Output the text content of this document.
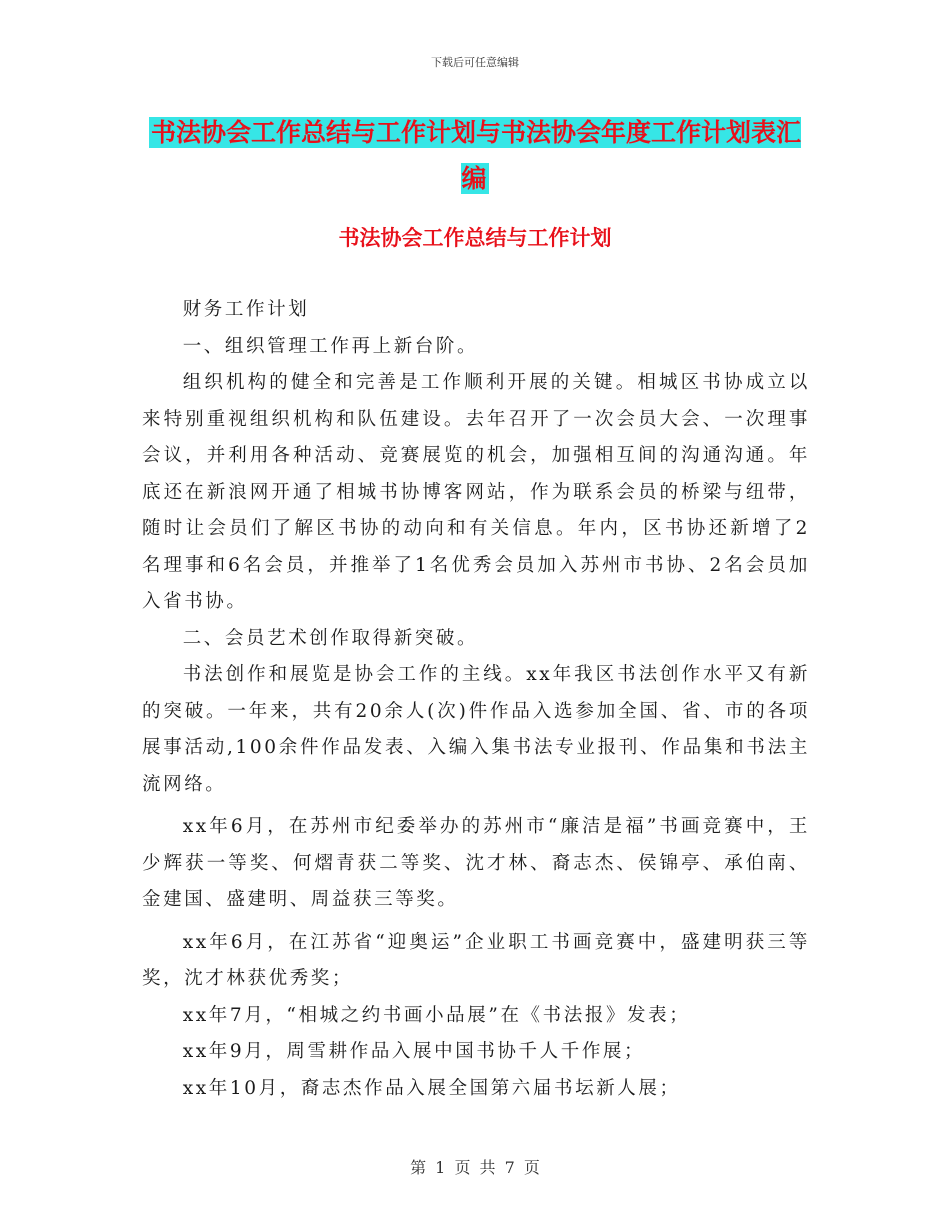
下载后可任意编辑
书法协会工作总结与工作计划与书法协会年度工作计划表汇编
书法协会工作总结与工作计划

财务工作计划

一、组织管理工作再上新台阶。

组织机构的健全和完善是工作顺利开展的关键。相城区书协成立以来特别重视组织机构和队伍建设。去年召开了一次会员大会、一次理事会议，并利用各种活动、竞赛展览的机会，加强相互间的沟通沟通。年底还在新浪网开通了相城书协博客网站，作为联系会员的桥梁与纽带，随时让会员们了解区书协的动向和有关信息。年内，区书协还新增了2名理事和6名会员，并推举了1名优秀会员加入苏州市书协、2名会员加入省书协。

二、会员艺术创作取得新突破。

书法创作和展览是协会工作的主线。xx年我区书法创作水平又有新的突破。一年来，共有20余人(次)件作品入选参加全国、省、市的各项展事活动,100余件作品发表、入编入集书法专业报刊、作品集和书法主流网络。

xx年6月，在苏州市纪委举办的苏州市“廉洁是福”书画竞赛中，王少辉获一等奖、何熠青获二等奖、沈才林、裔志杰、侯锦亭、承伯南、金建国、盛建明、周益获三等奖。

xx年6月，在江苏省“迎奥运”企业职工书画竞赛中，盛建明获三等奖，沈才林获优秀奖；

xx年7月，“相城之约书画小品展”在《书法报》发表；

xx年9月，周雪耕作品入展中国书协千人千作展；

xx年10月，裔志杰作品入展全国第六届书坛新人展；

第 1 页 共 7 页
